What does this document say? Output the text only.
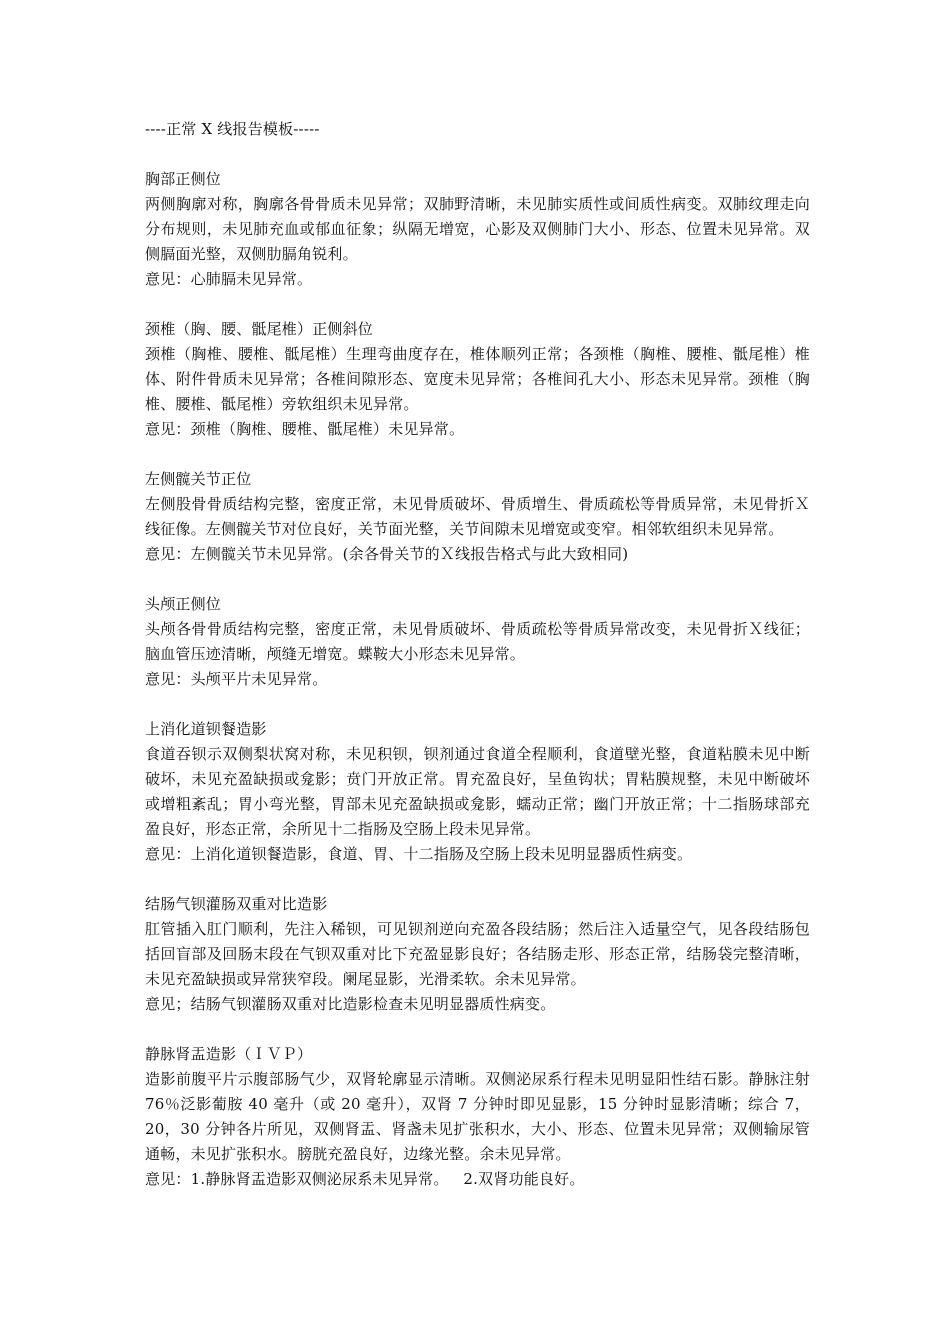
----正常 X 线报告模板-----

胸部正侧位

两侧胸廓对称，胸廓各骨骨质未见异常；双肺野清晰，未见肺实质性或间质性病变。双肺纹理走向分布规则，未见肺充血或郁血征象；纵隔无增宽，心影及双侧肺门大小、形态、位置未见异常。双侧膈面光整，双侧肋膈角锐利。

意见：心肺膈未见异常。

颈椎（胸、腰、骶尾椎）正侧斜位

颈椎（胸椎、腰椎、骶尾椎）生理弯曲度存在，椎体顺列正常；各颈椎（胸椎、腰椎、骶尾椎）椎体、附件骨质未见异常；各椎间隙形态、宽度未见异常；各椎间孔大小、形态未见异常。颈椎（胸椎、腰椎、骶尾椎）旁软组织未见异常。

意见：颈椎（胸椎、腰椎、骶尾椎）未见异常。

左侧髋关节正位

左侧股骨骨质结构完整，密度正常，未见骨质破坏、骨质增生、骨质疏松等骨质异常，未见骨折Ｘ线征像。左侧髋关节对位良好，关节面光整，关节间隙未见增宽或变窄。相邻软组织未见异常。

意见：左侧髋关节未见异常。(余各骨关节的Ｘ线报告格式与此大致相同)

头颅正侧位

头颅各骨骨质结构完整，密度正常，未见骨质破坏、骨质疏松等骨质异常改变，未见骨折Ｘ线征；脑血管压迹清晰，颅缝无增宽。蝶鞍大小形态未见异常。

意见：头颅平片未见异常。

上消化道钡餐造影

食道吞钡示双侧梨状窝对称，未见积钡，钡剂通过食道全程顺利，食道壁光整，食道粘膜未见中断破坏，未见充盈缺损或龛影；贲门开放正常。胃充盈良好，呈鱼钩状；胃粘膜规整，未见中断破坏或增粗紊乱；胃小弯光整，胃部未见充盈缺损或龛影，蠕动正常；幽门开放正常；十二指肠球部充盈良好，形态正常，余所见十二指肠及空肠上段未见异常。

意见：上消化道钡餐造影，食道、胃、十二指肠及空肠上段未见明显器质性病变。

结肠气钡灌肠双重对比造影

肛管插入肛门顺利，先注入稀钡，可见钡剂逆向充盈各段结肠；然后注入适量空气，见各段结肠包括回盲部及回肠末段在气钡双重对比下充盈显影良好；各结肠走形、形态正常，结肠袋完整清晰，未见充盈缺损或异常狭窄段。阑尾显影，光滑柔软。余未见异常。

意见；结肠气钡灌肠双重对比造影检查未见明显器质性病变。

静脉肾盂造影（ＩＶＰ）

造影前腹平片示腹部肠气少，双肾轮廓显示清晰。双侧泌尿系行程未见明显阳性结石影。静脉注射 76％泛影葡胺 40 毫升（或 20 毫升），双肾 7 分钟时即见显影，15 分钟时显影清晰；综合 7，20，30 分钟各片所见，双侧肾盂、肾盏未见扩张积水，大小、形态、位置未见异常；双侧输尿管通畅，未见扩张积水。膀胱充盈良好，边缘光整。余未见异常。

意见：1.静脉肾盂造影双侧泌尿系未见异常。   2.双肾功能良好。
